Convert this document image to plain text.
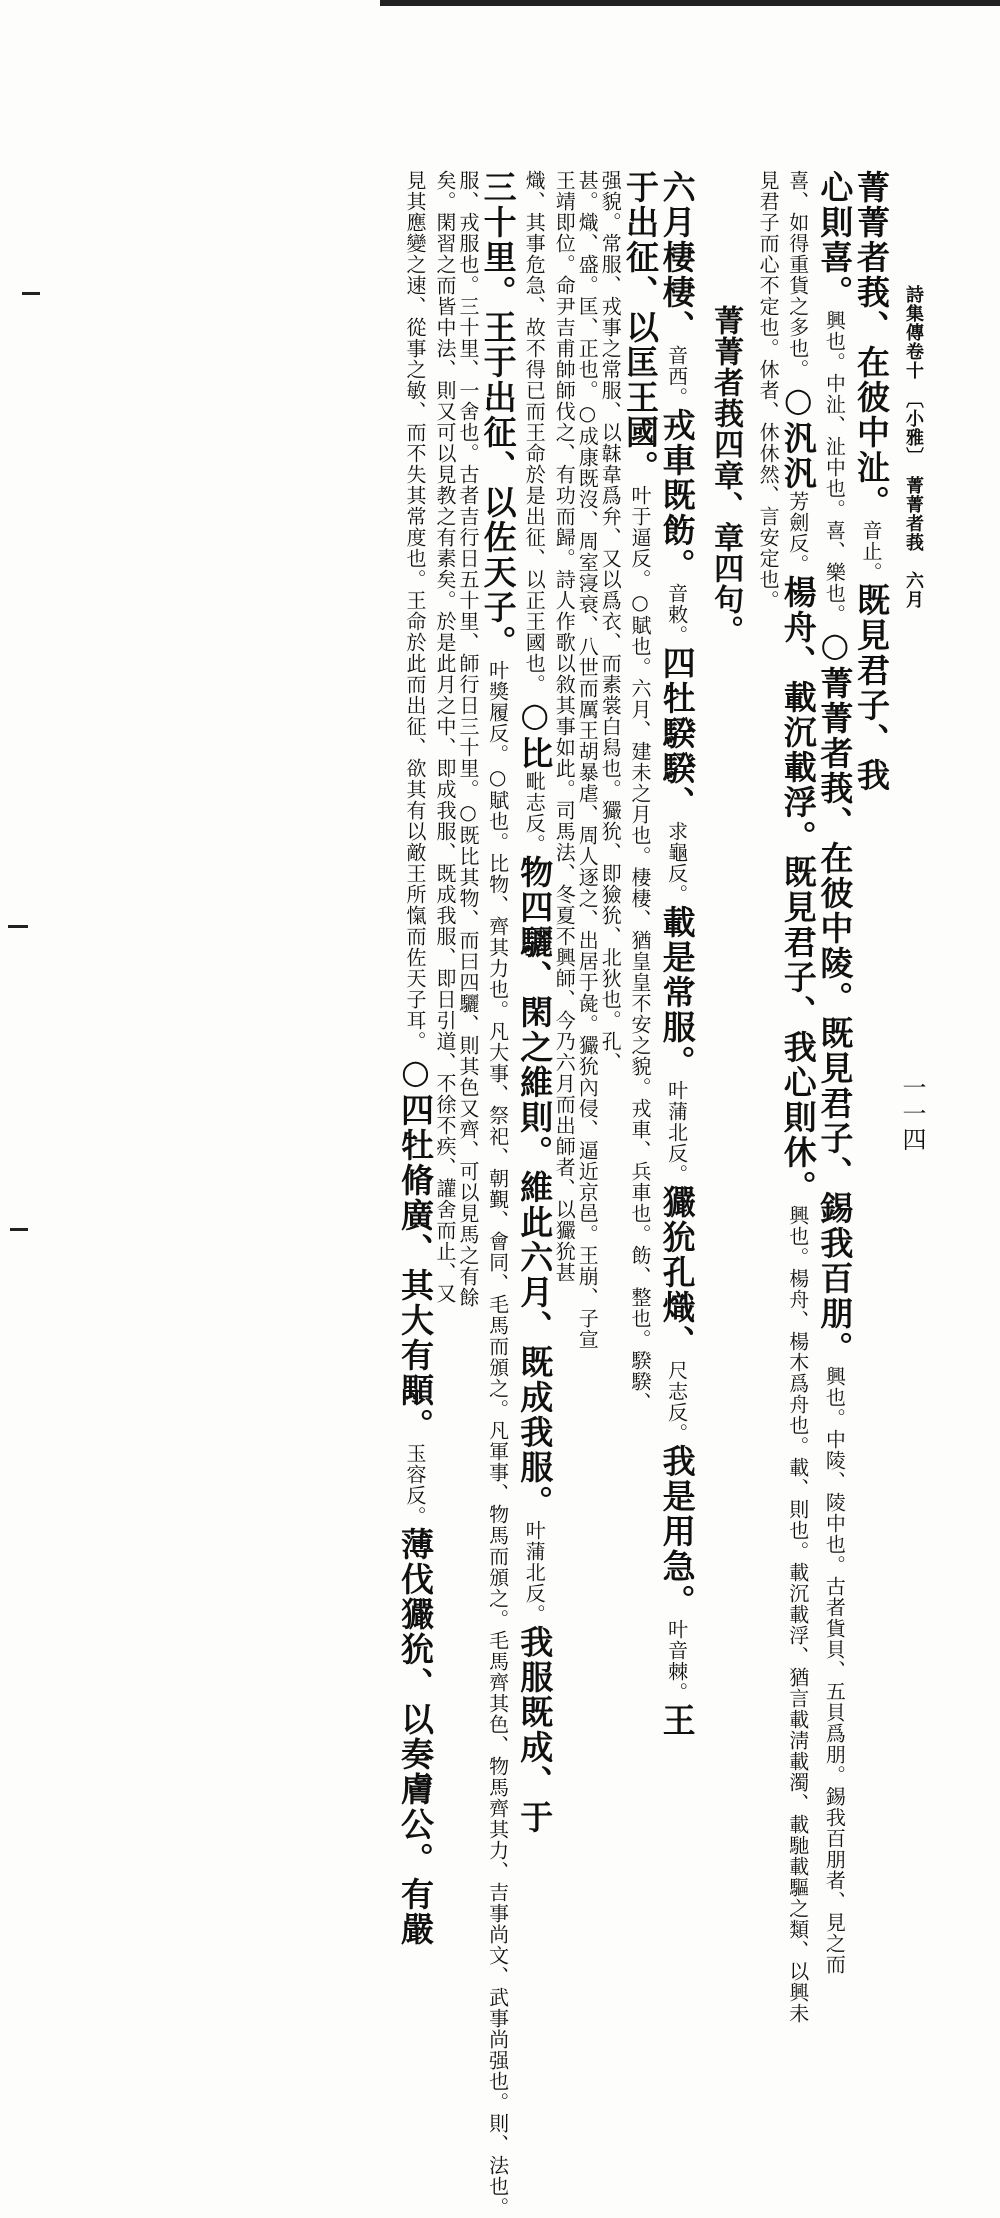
詩集傳卷十　〔小雅〕　菁菁者莪　六月
一一四
菁菁者莪、在彼中沚。音止。既見君子、我
心則喜。興也。中沚、沚中也。喜、樂也。○菁菁者莪、在彼中陵。既見君子、錫我百朋。興也。中陵、陵中也。古者貨貝、五貝爲朋。錫我百朋者、見之而
喜、如得重貨之多也。○汎汎芳劍反。楊舟、載沉載浮。既見君子、我心則休。興也。楊舟、楊木爲舟也。載、則也。載沉載浮、猶言載淸載濁、載馳載驅之類、以興未
見君子而心不定也。休者、休休然、言安定也。
菁菁者莪四章、章四句。
六月棲棲、音西。戎車既飭。音敕。四牡騤騤、求龜反。載是常服。叶蒲北反。玁狁孔熾、尺志反。我是用急。叶音棘。王
于出征、以匡王國。叶于逼反。○賦也。六月、建未之月也。棲棲、猶皇皇不安之貌。戎車、兵車也。飭、整也。騤騤、
强貌。常服、戎事之常服、以韎韋爲弁、又以爲衣、而素裳白舄也。玁狁、即獫狁、北狄也。孔、
甚。熾、盛。匡、正也。○成康既沒、周室寖衰、八世而厲王胡暴虐、周人逐之、出居于彘。玁狁內侵、逼近京邑。王崩、子宣
王靖即位。命尹吉甫帥師伐之、有功而歸。詩人作歌以敘其事如此。司馬法、冬夏不興師、今乃六月而出師者、以玁狁甚
熾、其事危急、故不得已而王命於是出征、以正王國也。○比毗志反。物四驪、閑之維則。維此六月、既成我服。叶蒲北反。我服既成、于
三十里。王于出征、以佐天子。叶獎履反。○賦也。比物、齊其力也。凡大事、祭祀、朝覲、會同、毛馬而頒之。凡軍事、物馬而頒之。毛馬齊其色、物馬齊其力、吉事尚文、武事尚强也。則、法也。
服、戎服也。三十里、一舍也。古者吉行日五十里、師行日三十里。○既比其物、而曰四驪、則其色又齊、可以見馬之有餘
矣。閑習之而皆中法、則又可以見教之有素矣。於是此月之中、即成我服、既成我服、即日引道、不徐不疾、讙舍而止、又
見其應變之速、從事之敏、而不失其常度也。王命於此而出征、欲其有以敵王所愾而佐天子耳。○四牡脩廣、其大有顒。玉容反。薄伐玁狁、以奏膚公。有嚴
